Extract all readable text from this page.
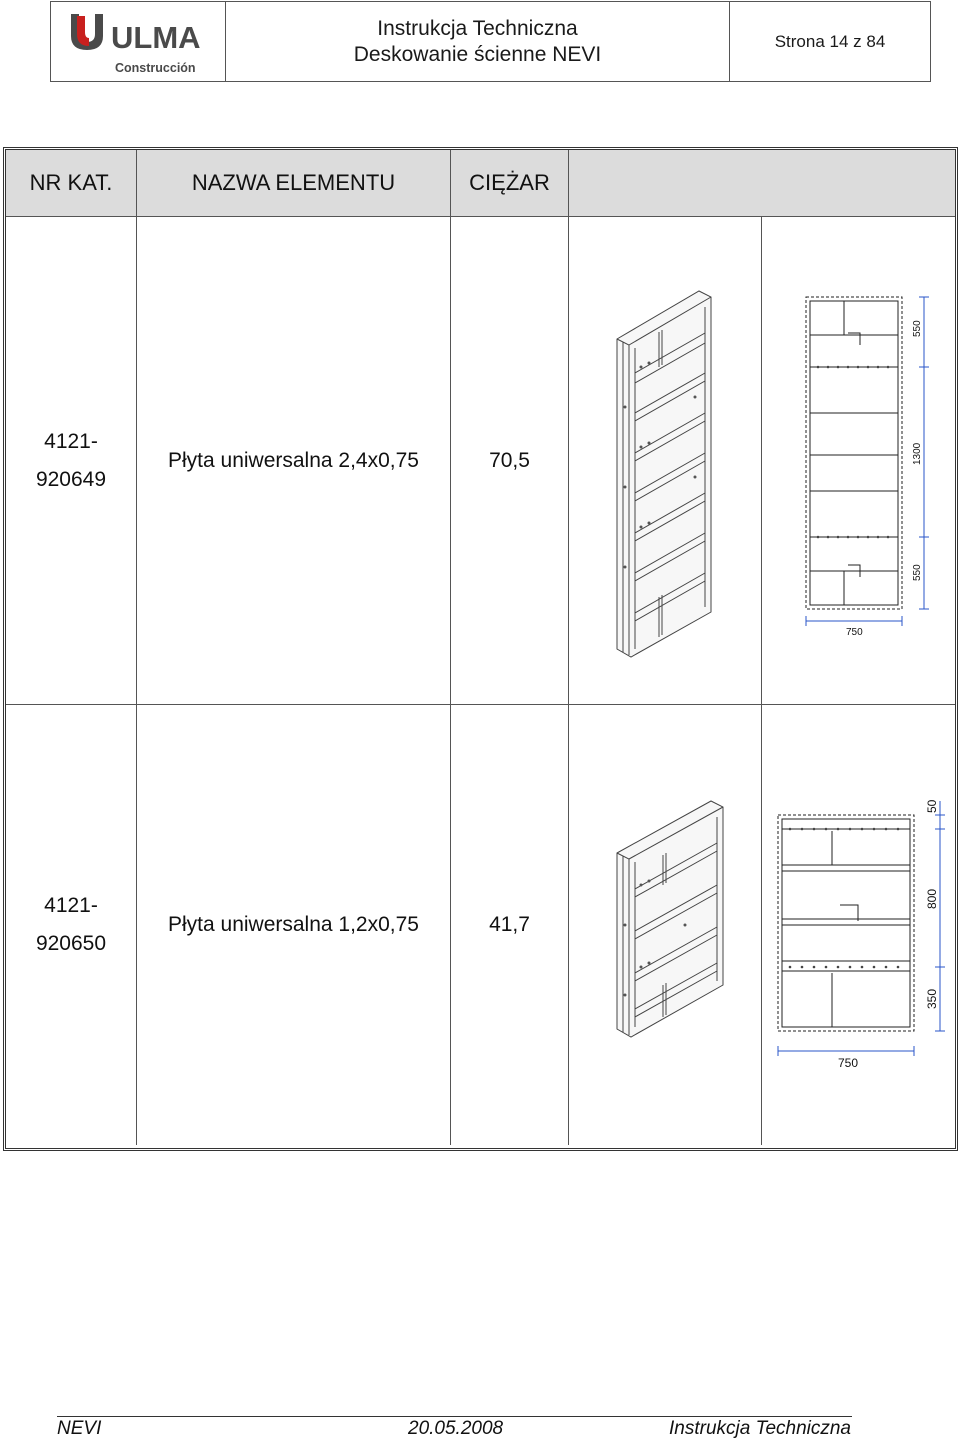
ULMA
Construcción
Instrukcja Techniczna
Deskowanie ścienne NEVI
Strona 14 z 84
NR KAT.	NAZWA ELEMENTU	CIĘŻAR
4121-
920649
Płyta uniwersalna 2,4x0,75	70,5
550
1300
550
750
4121-
920650
Płyta uniwersalna 1,2x0,75	41,7
50
800
350
750
NEVI	20.05.2008	Instrukcja Techniczna
